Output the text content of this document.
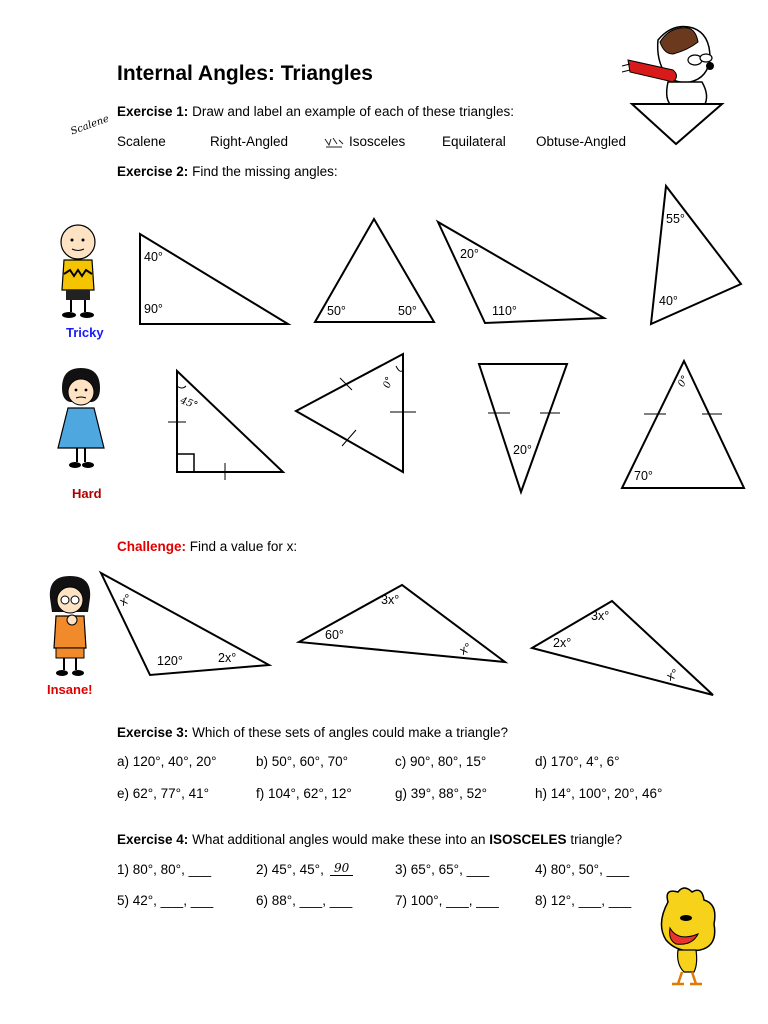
Internal Angles: Triangles
Exercise 1: Draw and label an example of each of these triangles:
Scalene
Scalene	Right-Angled	Isosceles	Equilateral Obtuse-Angled
Exercise 2: Find the missing angles:
Tricky
40°
90°	50°	50°
20°
110°
55°
40°
Hard
45°
0°
20°
0°
70°
Challenge: Find a value for x:
Insane!
x°
120°	2x°
3x°
60°
x°
3x°
2x°
x°
Exercise 3: Which of these sets of angles could make a triangle?
a) 120°, 40°, 20°	b) 50°, 60°, 70°	c) 90°, 80°, 15°	d) 170°, 4°, 6°
e) 62°, 77°, 41°	f) 104°, 62°, 12°	g) 39°, 88°, 52°	h) 14°, 100°, 20°, 46°
Exercise 4: What additional angles would make these into an ISOSCELES triangle?
1) 80°, 80°, ___	2) 45°, 45°, 90	3) 65°, 65°, ___	4) 80°, 50°, ___
5) 42°, ___, ___	6) 88°, ___, ___	7) 100°, ___, ___	8) 12°, ___, ___
